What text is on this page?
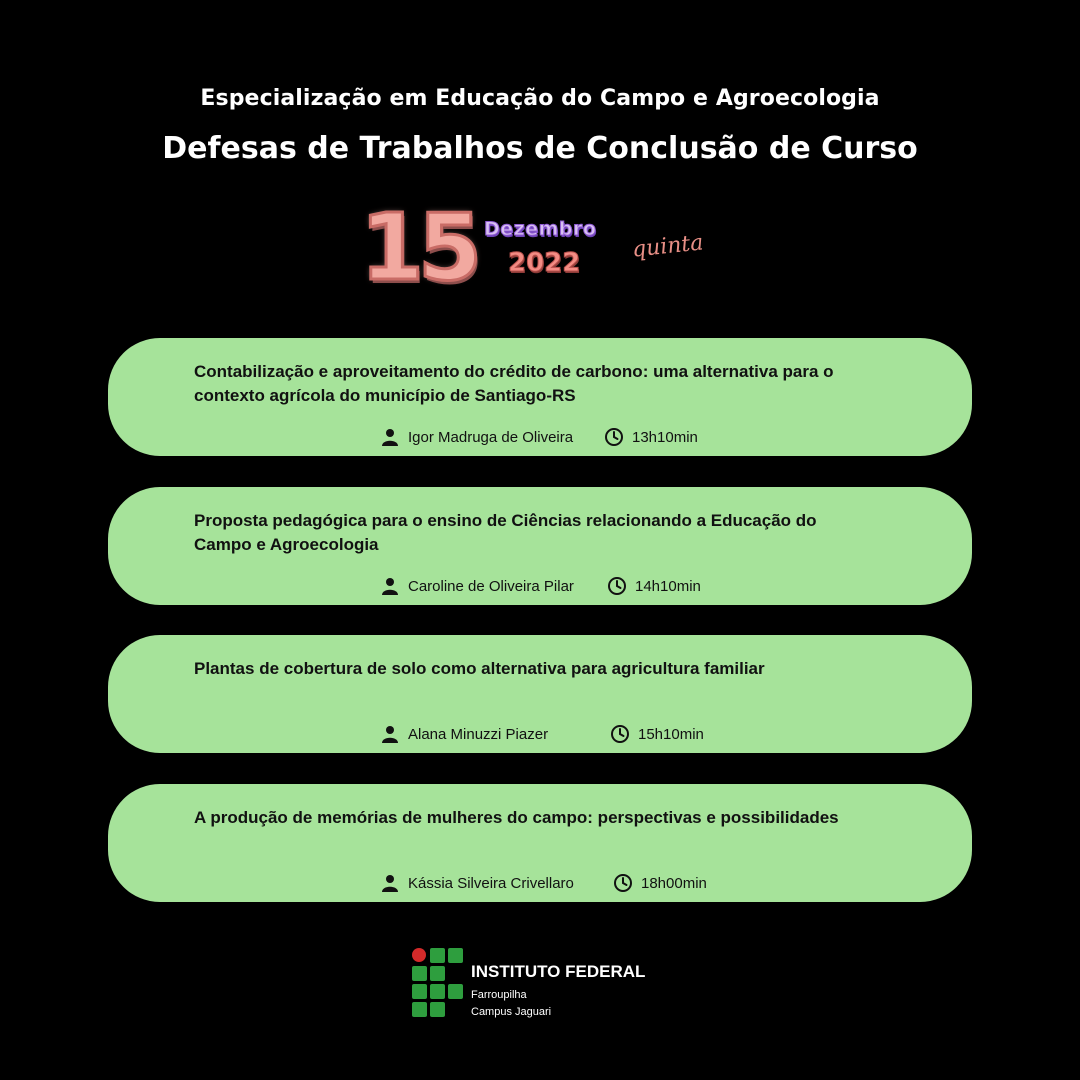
Especialização em Educação do Campo e Agroecologia
Defesas de Trabalhos de Conclusão de Curso
15 Dezembro
2022
quinta
Contabilização e aproveitamento do crédito de carbono: uma alternativa para o
contexto agrícola do município de Santiago-RS
Igor Madruga de Oliveira	13h10min
Proposta pedagógica para o ensino de Ciências relacionando a Educação do
Campo e Agroecologia
Caroline de Oliveira Pilar	14h10min
Plantas de cobertura de solo como alternativa para agricultura familiar
Alana Minuzzi Piazer	15h10min
A produção de memórias de mulheres do campo: perspectivas e possibilidades
Kássia Silveira Crivellaro	18h00min
INSTITUTO FEDERAL
Farroupilha
Campus Jaguari
